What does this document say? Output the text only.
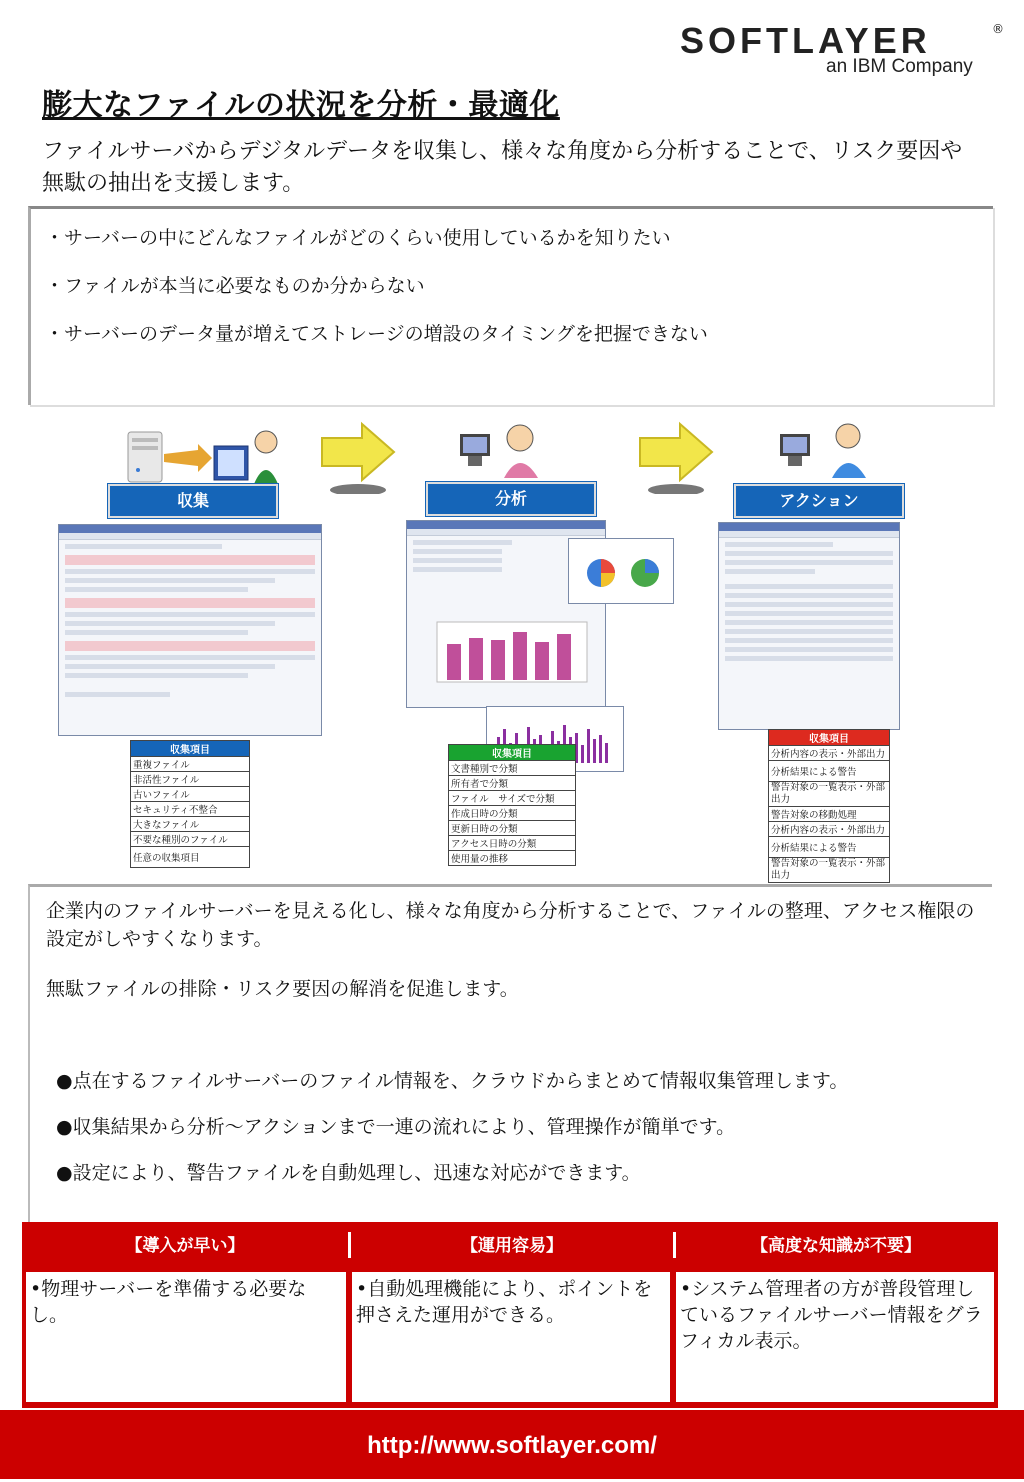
SOFTLAYER	®
an IBM Company
膨大なファイルの状況を分析・最適化
ファイルサーバからデジタルデータを収集し、様々な角度から分析することで、リスク要因や無駄の抽出を支援します。
・サーバーの中にどんなファイルがどのくらい使用しているかを知りたい
・ファイルが本当に必要なものか分からない
・サーバーのデータ量が増えてストレージの増設のタイミングを把握できない
収集	分析	アクション
収集項目
重複ファイル
非活性ファイル
古いファイル
セキュリティ不整合
大きなファイル
不要な種別のファイル
任意の収集項目
収集項目
文書種別で分類
所有者で分類
ファイル　サイズで分類
作成日時の分類
更新日時の分類
アクセス日時の分類
使用量の推移
収集項目
分析内容の表示・外部出力
分析結果による警告
警告対象の一覧表示・外部出力
警告対象の移動処理
分析内容の表示・外部出力
分析結果による警告
警告対象の一覧表示・外部出力
企業内のファイルサーバーを見える化し、様々な角度から分析することで、ファイルの整理、アクセス権限の設定がしやすくなります。
無駄ファイルの排除・リスク要因の解消を促進します。
●点在するファイルサーバーのファイル情報を、クラウドからまとめて情報収集管理します。
●収集結果から分析～アクションまで一連の流れにより、管理操作が簡単です。
●設定により、警告ファイルを自動処理し、迅速な対応ができます。
【導入が早い】	【運用容易】	【高度な知識が不要】
•物理サーバーを準備する必要なし。
•自動処理機能により、ポイントを押さえた運用ができる。
•システム管理者の方が普段管理しているファイルサーバー情報をグラフィカル表示。
http://www.softlayer.com/
